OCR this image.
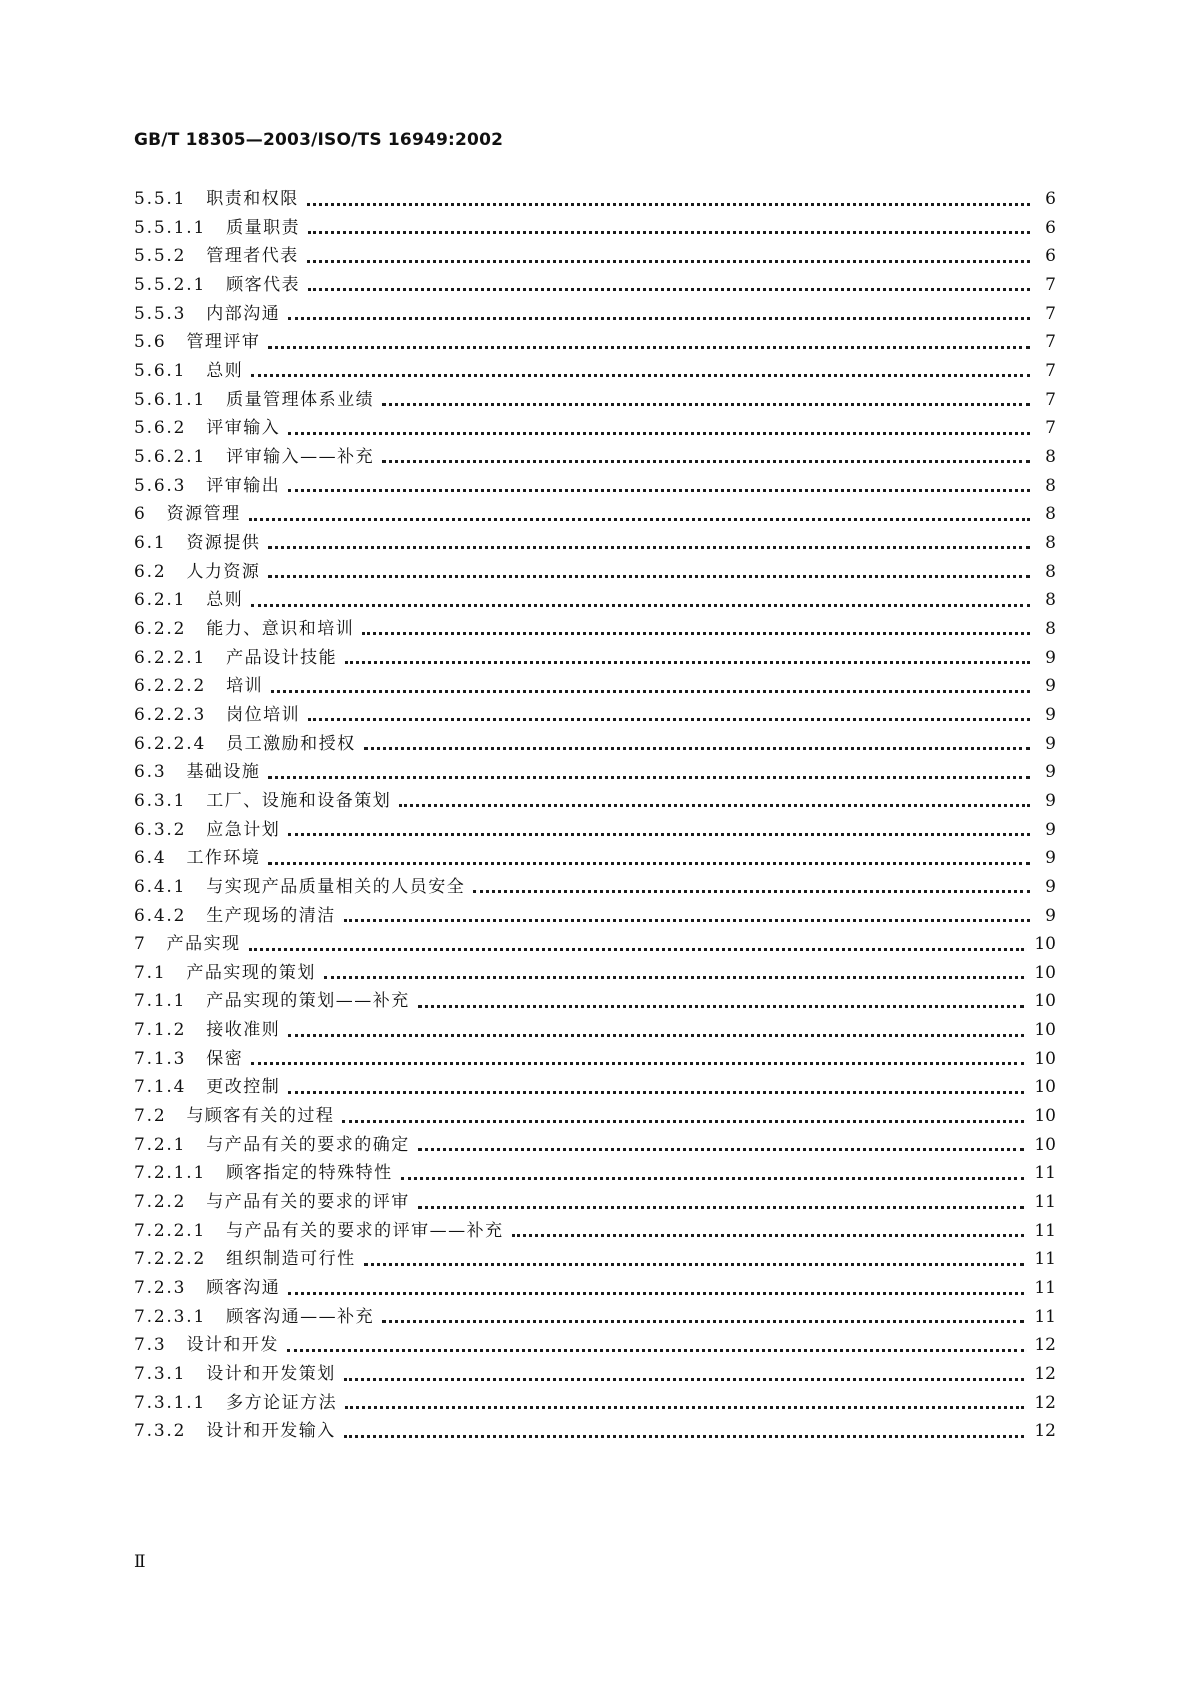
GB/T 18305—2003/ISO/TS 16949:2002
5.5.1 职责和权限	6
5.5.1.1 质量职责	6
5.5.2 管理者代表	6
5.5.2.1 顾客代表	7
5.5.3 内部沟通	7
5.6 管理评审	7
5.6.1 总则	7
5.6.1.1 质量管理体系业绩	7
5.6.2 评审输入	7
5.6.2.1 评审输入——补充	8
5.6.3 评审输出	8
6 资源管理	8
6.1 资源提供	8
6.2 人力资源	8
6.2.1 总则	8
6.2.2 能力、意识和培训	8
6.2.2.1 产品设计技能	9
6.2.2.2 培训	9
6.2.2.3 岗位培训	9
6.2.2.4 员工激励和授权	9
6.3 基础设施	9
6.3.1 工厂、设施和设备策划	9
6.3.2 应急计划	9
6.4 工作环境	9
6.4.1 与实现产品质量相关的人员安全	9
6.4.2 生产现场的清洁	9
7 产品实现	10
7.1 产品实现的策划	10
7.1.1 产品实现的策划——补充	10
7.1.2 接收准则	10
7.1.3 保密	10
7.1.4 更改控制	10
7.2 与顾客有关的过程	10
7.2.1 与产品有关的要求的确定	10
7.2.1.1 顾客指定的特殊特性	11
7.2.2 与产品有关的要求的评审	11
7.2.2.1 与产品有关的要求的评审——补充	11
7.2.2.2 组织制造可行性	11
7.2.3 顾客沟通	11
7.2.3.1 顾客沟通——补充	11
7.3 设计和开发	12
7.3.1 设计和开发策划	12
7.3.1.1 多方论证方法	12
7.3.2 设计和开发输入	12
Ⅱ
